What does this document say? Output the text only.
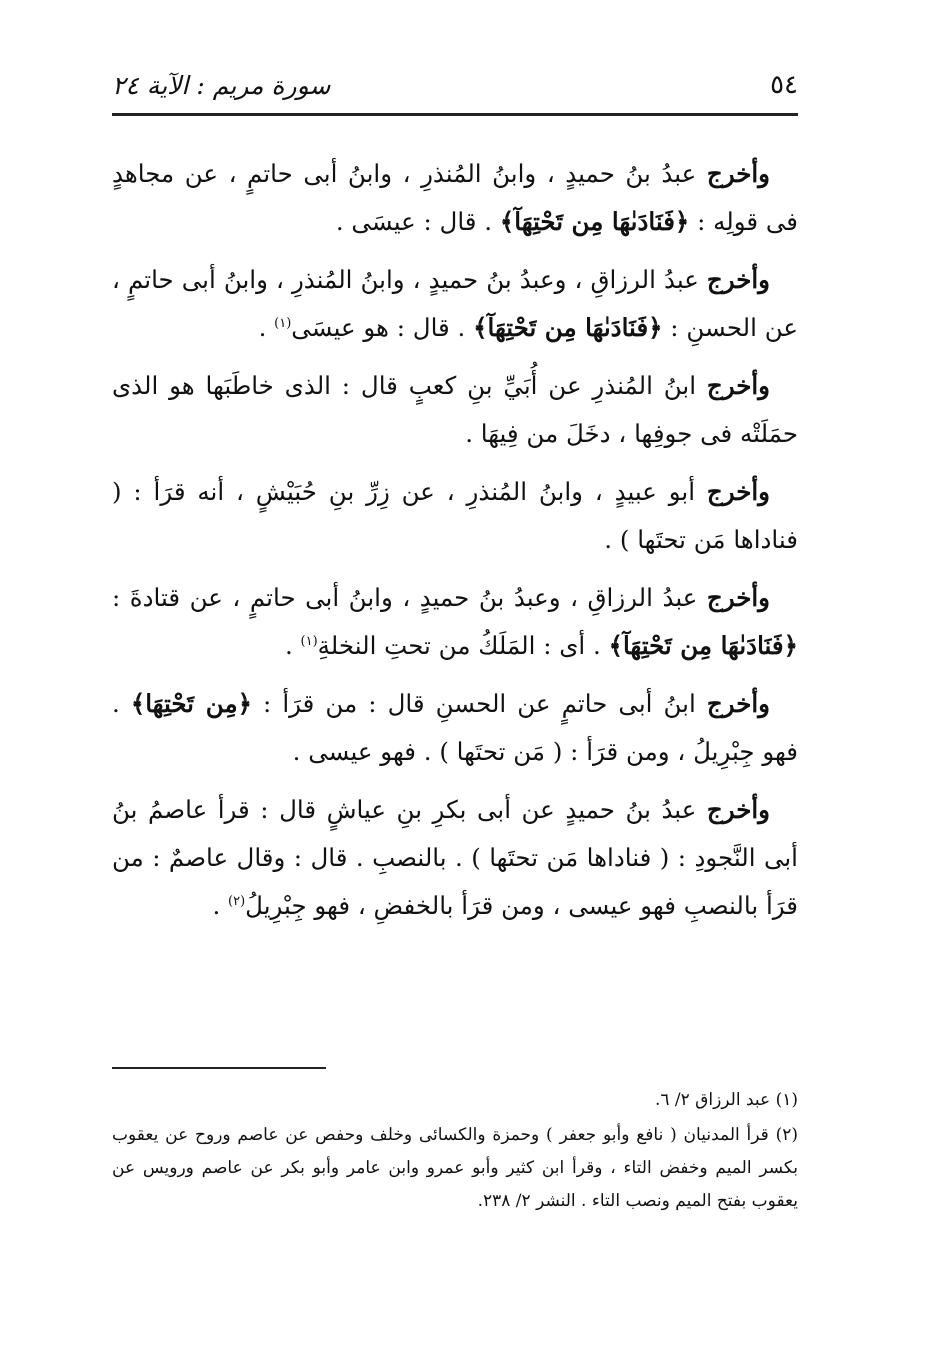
٥٤
سورة مريم : الآية ٢٤

وأخرج عبدُ بنُ حميدٍ ، وابنُ المُنذرِ ، وابنُ أبى حاتمٍ ، عن مجاهدٍ فى قولِه : ﴿فَنَادَىٰهَا مِن تَحْتِهَآ﴾ . قال : عيسَى .

وأخرج عبدُ الرزاقِ ، وعبدُ بنُ حميدٍ ، وابنُ المُنذرِ ، وابنُ أبى حاتمٍ ، عن الحسنِ : ﴿فَنَادَىٰهَا مِن تَحْتِهَآ﴾ . قال : هو عيسَى$^{(١)}$ .

وأخرج ابنُ المُنذرِ عن أُبَيِّ بنِ كعبٍ قال : الذى خاطَبَها هو الذى حمَلَتْه فى جوفِها ، دخَلَ من فِيهَا .

وأخرج أبو عبيدٍ ، وابنُ المُنذرِ ، عن زِرِّ بنِ حُبَيْشٍ ، أنه قرَأ : ( فناداها مَن تحتَها ) .

وأخرج عبدُ الرزاقِ ، وعبدُ بنُ حميدٍ ، وابنُ أبى حاتمٍ ، عن قتادةَ : ﴿فَنَادَىٰهَا مِن تَحْتِهَآ﴾ . أى : المَلَكُ من تحتِ النخلةِ$^{(١)}$ .

وأخرج ابنُ أبى حاتمٍ عن الحسنِ قال : من قرَأ : ﴿مِن تَحْتِهَا﴾ . فهو جِبْرِيلُ ، ومن قرَأ : ( مَن تحتَها ) . فهو عيسى .

وأخرج عبدُ بنُ حميدٍ عن أبى بكرِ بنِ عياشٍ قال : قرأ عاصمُ بنُ أبى النَّجودِ : ( فناداها مَن تحتَها ) . بالنصبِ . قال : وقال عاصمٌ : من قرَأ بالنصبِ فهو عيسى ، ومن قرَأ بالخفضِ ، فهو جِبْرِيلُ$^{(٢)}$ .

(١) عبد الرزاق ٢/ ٦.

(٢) قرأ المدنيان ( نافع وأبو جعفر ) وحمزة والكسائى وخلف وحفص عن عاصم وروح عن يعقوب بكسر الميم وخفض التاء ، وقرأ ابن كثير وأبو عمرو وابن عامر وأبو بكر عن عاصم ورويس عن يعقوب بفتح الميم ونصب التاء . النشر ٢/ ٢٣٨.
